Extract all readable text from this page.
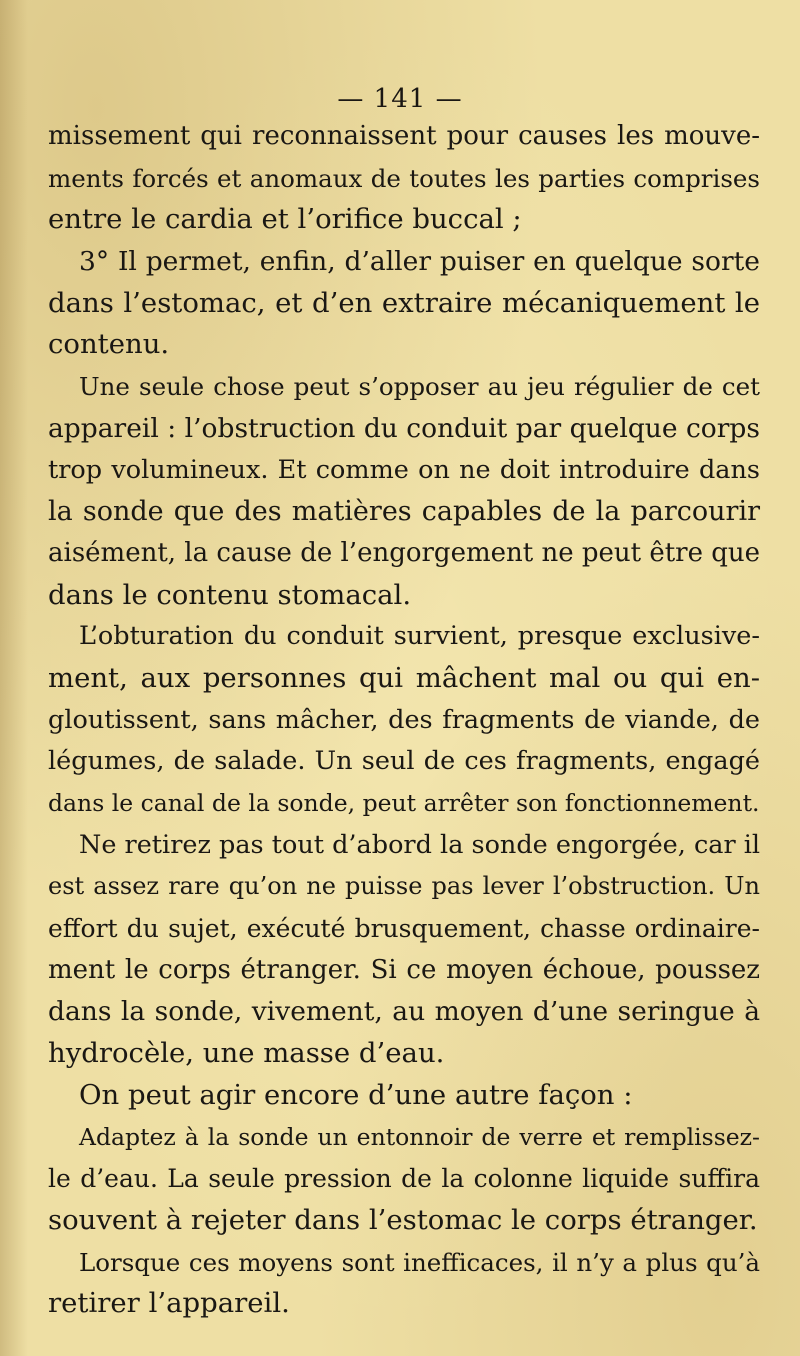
— 141 —
missement qui reconnaissent pour causes les mouve-
ments forcés et anomaux de toutes les parties comprises
entre le cardia et l’orifice buccal ;
3° Il permet, enfin, d’aller puiser en quelque sorte
dans l’estomac, et d’en extraire mécaniquement le
contenu.
Une seule chose peut s’opposer au jeu régulier de cet
appareil : l’obstruction du conduit par quelque corps
trop volumineux. Et comme on ne doit introduire dans
la sonde que des matières capables de la parcourir
aisément, la cause de l’engorgement ne peut être que
dans le contenu stomacal.
L’obturation du conduit survient, presque exclusive-
ment, aux personnes qui mâchent mal ou qui en-
gloutissent, sans mâcher, des fragments de viande, de
légumes, de salade. Un seul de ces fragments, engagé
dans le canal de la sonde, peut arrêter son fonctionnement.
Ne retirez pas tout d’abord la sonde engorgée, car il
est assez rare qu’on ne puisse pas lever l’obstruction. Un
effort du sujet, exécuté brusquement, chasse ordinaire-
ment le corps étranger. Si ce moyen échoue, poussez
dans la sonde, vivement, au moyen d’une seringue à
hydrocèle, une masse d’eau.
On peut agir encore d’une autre façon :
Adaptez à la sonde un entonnoir de verre et remplissez-
le d’eau. La seule pression de la colonne liquide suffira
souvent à rejeter dans l’estomac le corps étranger.
Lorsque ces moyens sont inefficaces, il n’y a plus qu’à
retirer l’appareil.
